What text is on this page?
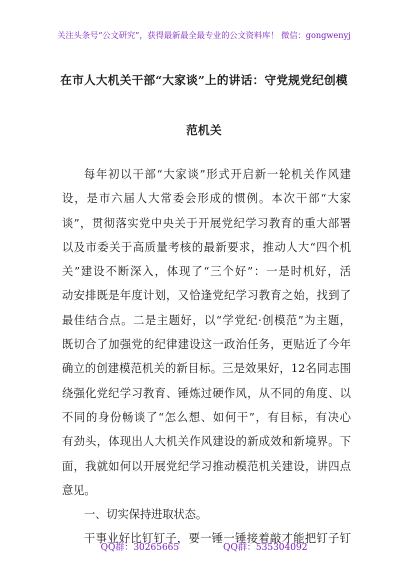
关注头条号“公文研究”，获得最新最全最专业的公文资料库！ 微信：gongwenyj
在市人大机关干部“大家谈”上的讲话：守党规党纪创模
范机关
每年初以干部“大家谈”形式开启新一轮机关作风建
设，是市六届人大常委会形成的惯例。本次干部“大家
谈”，贯彻落实党中央关于开展党纪学习教育的重大部署
以及市委关于高质量考核的最新要求，推动人大“四个机
关”建设不断深入，体现了“三个好”：一是时机好，活
动安排既是年度计划，又恰逢党纪学习教育之始，找到了
最佳结合点。二是主题好，以“学党纪·创模范”为主题，
既切合了加强党的纪律建设这一政治任务，更贴近了今年
确立的创建模范机关的新目标。三是效果好，12名同志围
绕强化党纪学习教育、锤炼过硬作风，从不同的角度、以
不同的身份畅谈了“怎么想、如何干”，有目标，有决心
有劲头，体现出人大机关作风建设的新成效和新境界。下
面，我就如何以开展党纪学习推动模范机关建设，讲四点
意见。
一、切实保持进取状态。
干事业好比钉钉子，要一锤一锤接着敲才能把钉子钉
QQ群：30265665	QQ群：535304092
